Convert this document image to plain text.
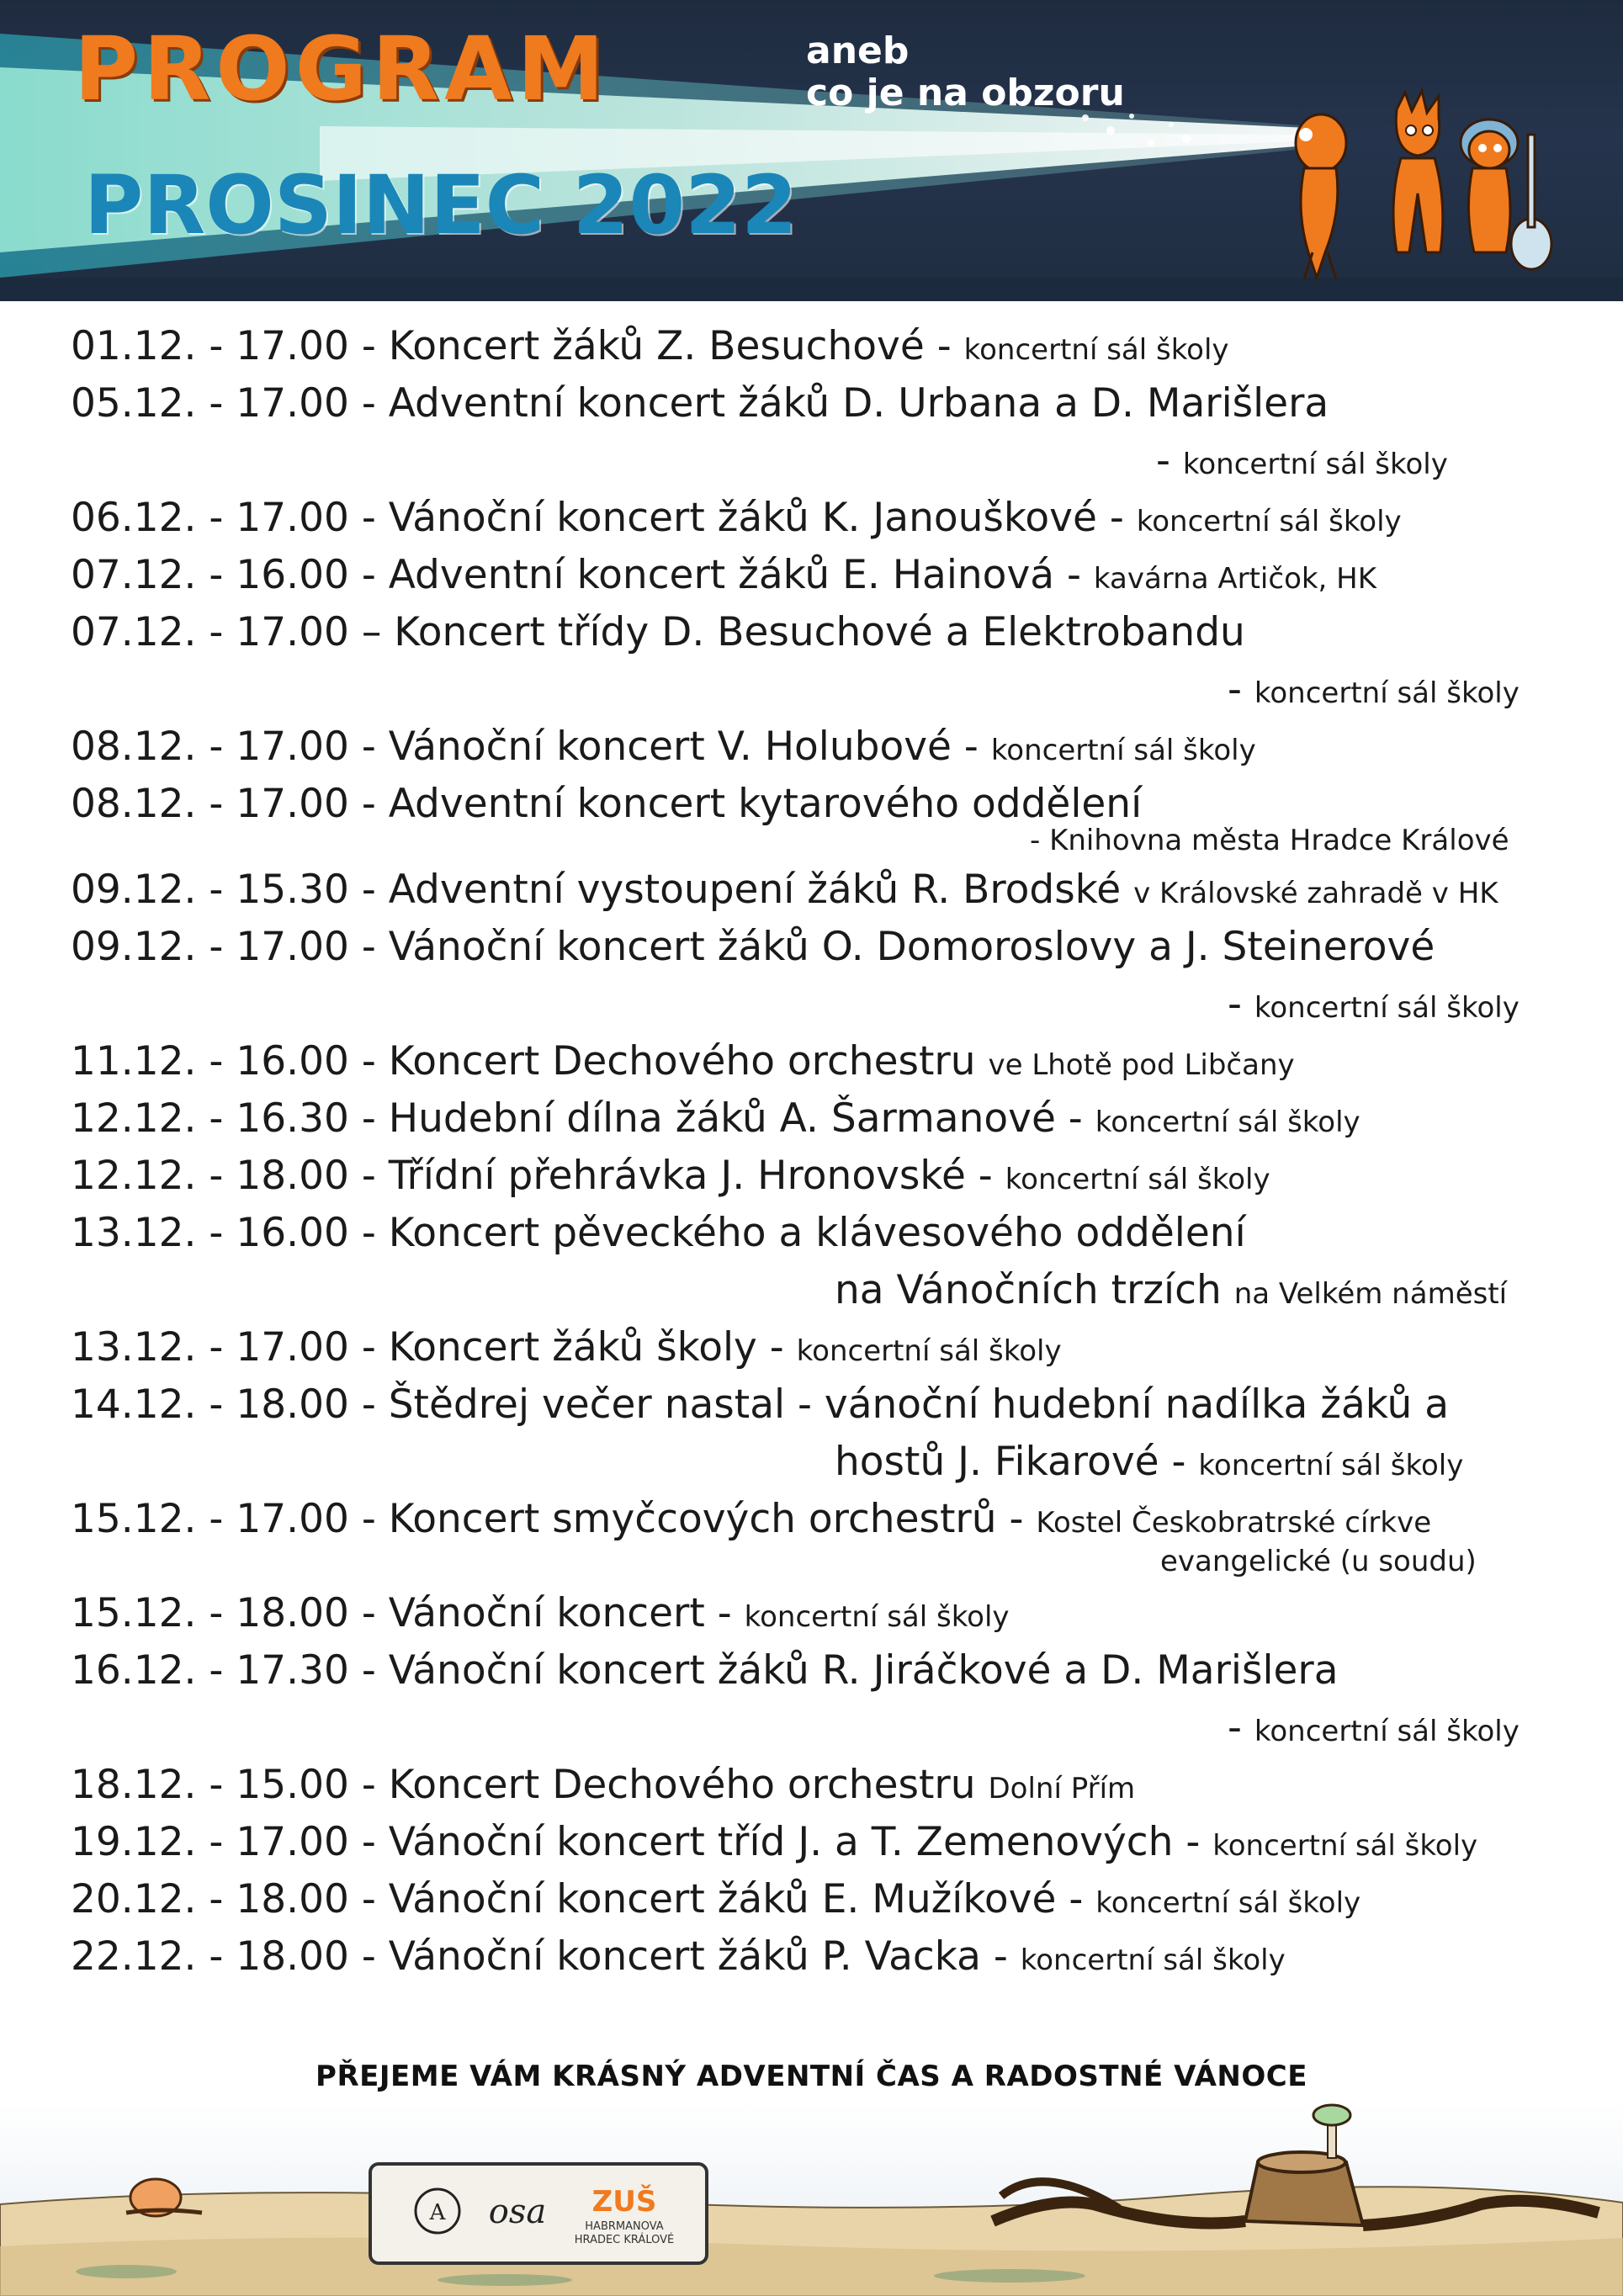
PROGRAM	aneb
co je na obzoru
PROSINEC 2022
01.12. - 17.00 - Koncert žáků Z. Besuchové - koncertní sál školy
05.12. - 17.00 - Adventní koncert žáků D. Urbana a D. Marišlera
- koncertní sál školy
06.12. - 17.00 - Vánoční koncert žáků K. Janouškové - koncertní sál školy
07.12. - 16.00 - Adventní koncert žáků E. Hainová - kavárna Artičok, HK
07.12. - 17.00 – Koncert třídy D. Besuchové a Elektrobandu
- koncertní sál školy
08.12. - 17.00 - Vánoční koncert V. Holubové - koncertní sál školy
08.12. - 17.00 - Adventní koncert kytarového oddělení
- Knihovna města Hradce Králové
09.12. - 15.30 - Adventní vystoupení žáků R. Brodské v Královské zahradě v HK
09.12. - 17.00 - Vánoční koncert žáků O. Domoroslovy a J. Steinerové
- koncertní sál školy
11.12. - 16.00 - Koncert Dechového orchestru ve Lhotě pod Libčany
12.12. - 16.30 - Hudební dílna žáků A. Šarmanové - koncertní sál školy
12.12. - 18.00 - Třídní přehrávka J. Hronovské - koncertní sál školy
13.12. - 16.00 - Koncert pěveckého a klávesového oddělení
na Vánočních trzích na Velkém náměstí
13.12. - 17.00 - Koncert žáků školy - koncertní sál školy
14.12. - 18.00 - Štědrej večer nastal - vánoční hudební nadílka žáků a
hostů J. Fikarové - koncertní sál školy
15.12. - 17.00 - Koncert smyčcových orchestrů - Kostel Českobratrské církve
evangelické (u soudu)
15.12. - 18.00 - Vánoční koncert - koncertní sál školy
16.12. - 17.30 - Vánoční koncert žáků R. Jiráčkové a D. Marišlera
- koncertní sál školy
18.12. - 15.00 - Koncert Dechového orchestru Dolní Přím
19.12. - 17.00 - Vánoční koncert tříd J. a T. Zemenových - koncertní sál školy
20.12. - 18.00 - Vánoční koncert žáků E. Mužíkové - koncertní sál školy
22.12. - 18.00 - Vánoční koncert žáků P. Vacka - koncertní sál školy
PŘEJEME VÁM KRÁSNÝ ADVENTNÍ ČAS A RADOSTNÉ VÁNOCE
A osa ZUŠ
HABRMANOVA
HRADEC KRÁLOVÉ
